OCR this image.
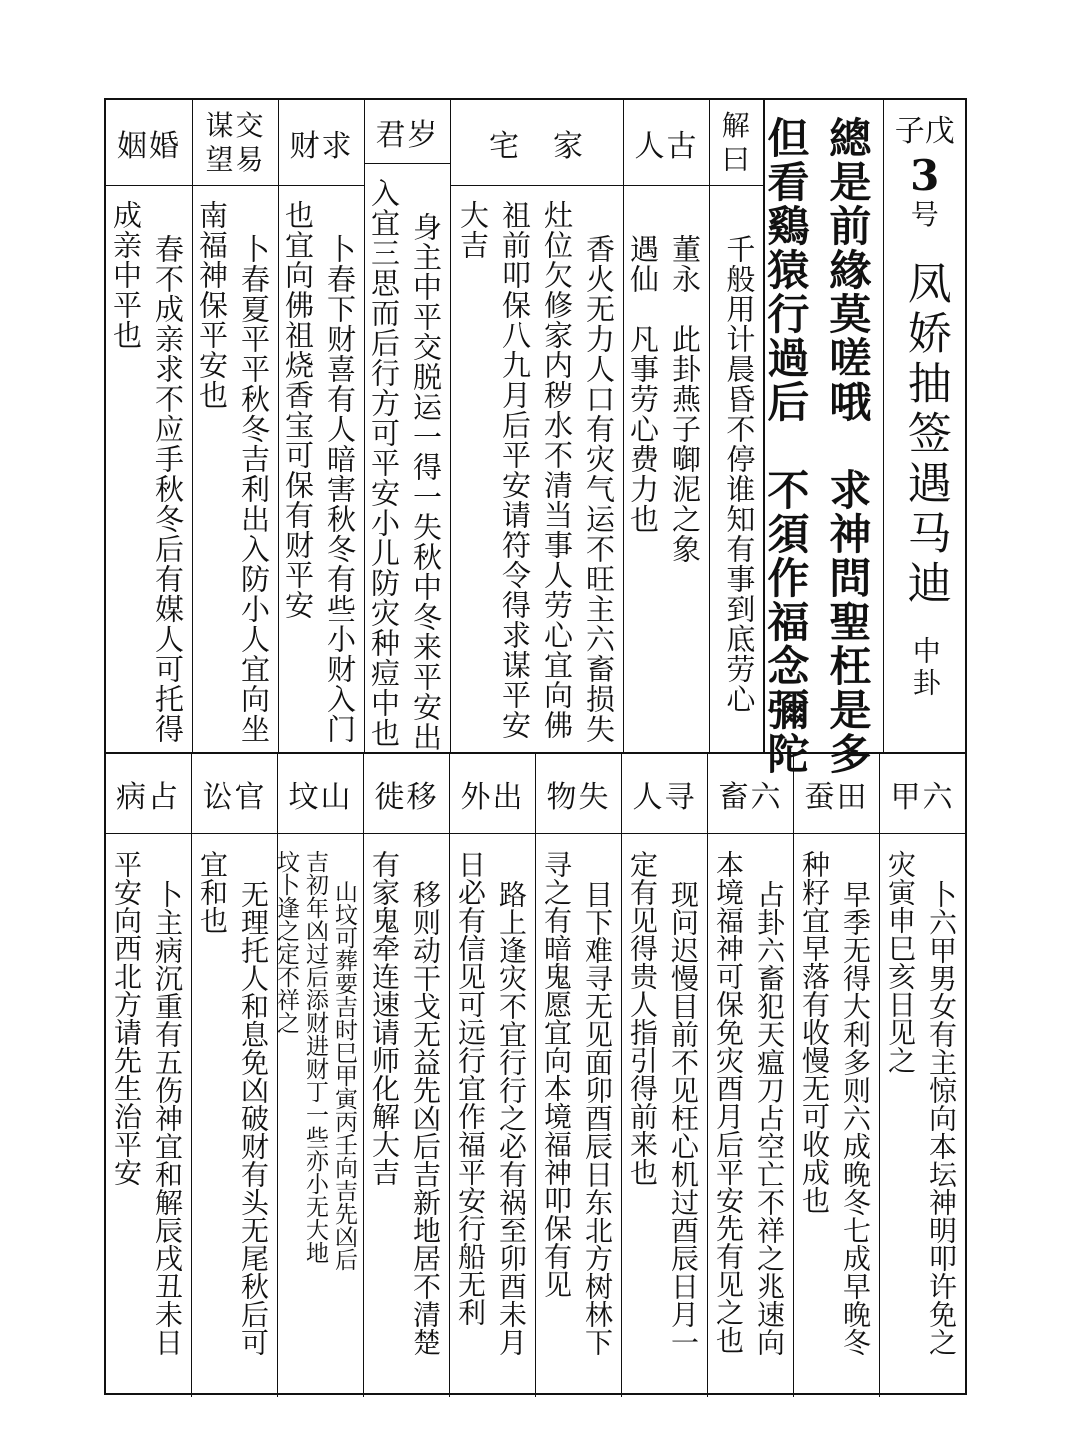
子戊
3
号
凤娇抽签遇马迪
中卦
總是前緣莫嗟哦　求神問聖枉是多
但看鷄猿行過后　不須作福念彌陀
解
曰
千般用计晨昏不停谁知有事到底劳心
人古
董永　此卦燕子啣泥之象
遇仙　凡事劳心费力也
宅　家
香火无力人口有灾气运不旺主六畜损失
灶位欠修家内秽水不清当事人劳心宜向佛
祖前叩保八九月后平安请符令得求谋平安
大吉
君岁
身主中平交脱运一得一失秋中冬来平安出
入宜三思而后行方可平安小儿防灾种痘中也
财求
卜春下财喜有人暗害秋冬有些小财入门
也宜向佛祖烧香宝可保有财平安
谋交
望易
卜春夏平平秋冬吉利出入防小人宜向坐
南福神保平安也
姻婚
春不成亲求不应手秋冬后有媒人可托得
成亲中平也
甲六
卜六甲男女有主惊向本坛神明叩许免之
灾寅申巳亥日见之
蚕田
早季无得大利多则六成晚冬七成早晚冬
种籽宜早落有收慢无可收成也
畜六
占卦六畜犯天瘟刀占空亡不祥之兆速向
本境福神可保免灾酉月后平安先有见之也
人寻
现问迟慢目前不见枉心机过酉辰日月一
定有见得贵人指引得前来也
物失
目下难寻无见面卯酉辰日东北方树林下
寻之有暗鬼愿宜向本境福神叩保有见
外出
路上逢灾不宜行行之必有祸至卯酉未月
日必有信见可远行宜作福平安行船无利
徙移
移则动干戈无益先凶后吉新地居不清楚
有家鬼牵连速请师化解大吉
坟山
山坟可葬要吉时巳甲寅丙壬向吉先凶后
吉初年凶过后添财进财丁一些亦小无大地
坟卜逢之定不祥之
讼官
无理托人和息免凶破财有头无尾秋后可
宜和也
病占
卜主病沉重有五伤神宜和解辰戌丑未日
平安向西北方请先生治平安
